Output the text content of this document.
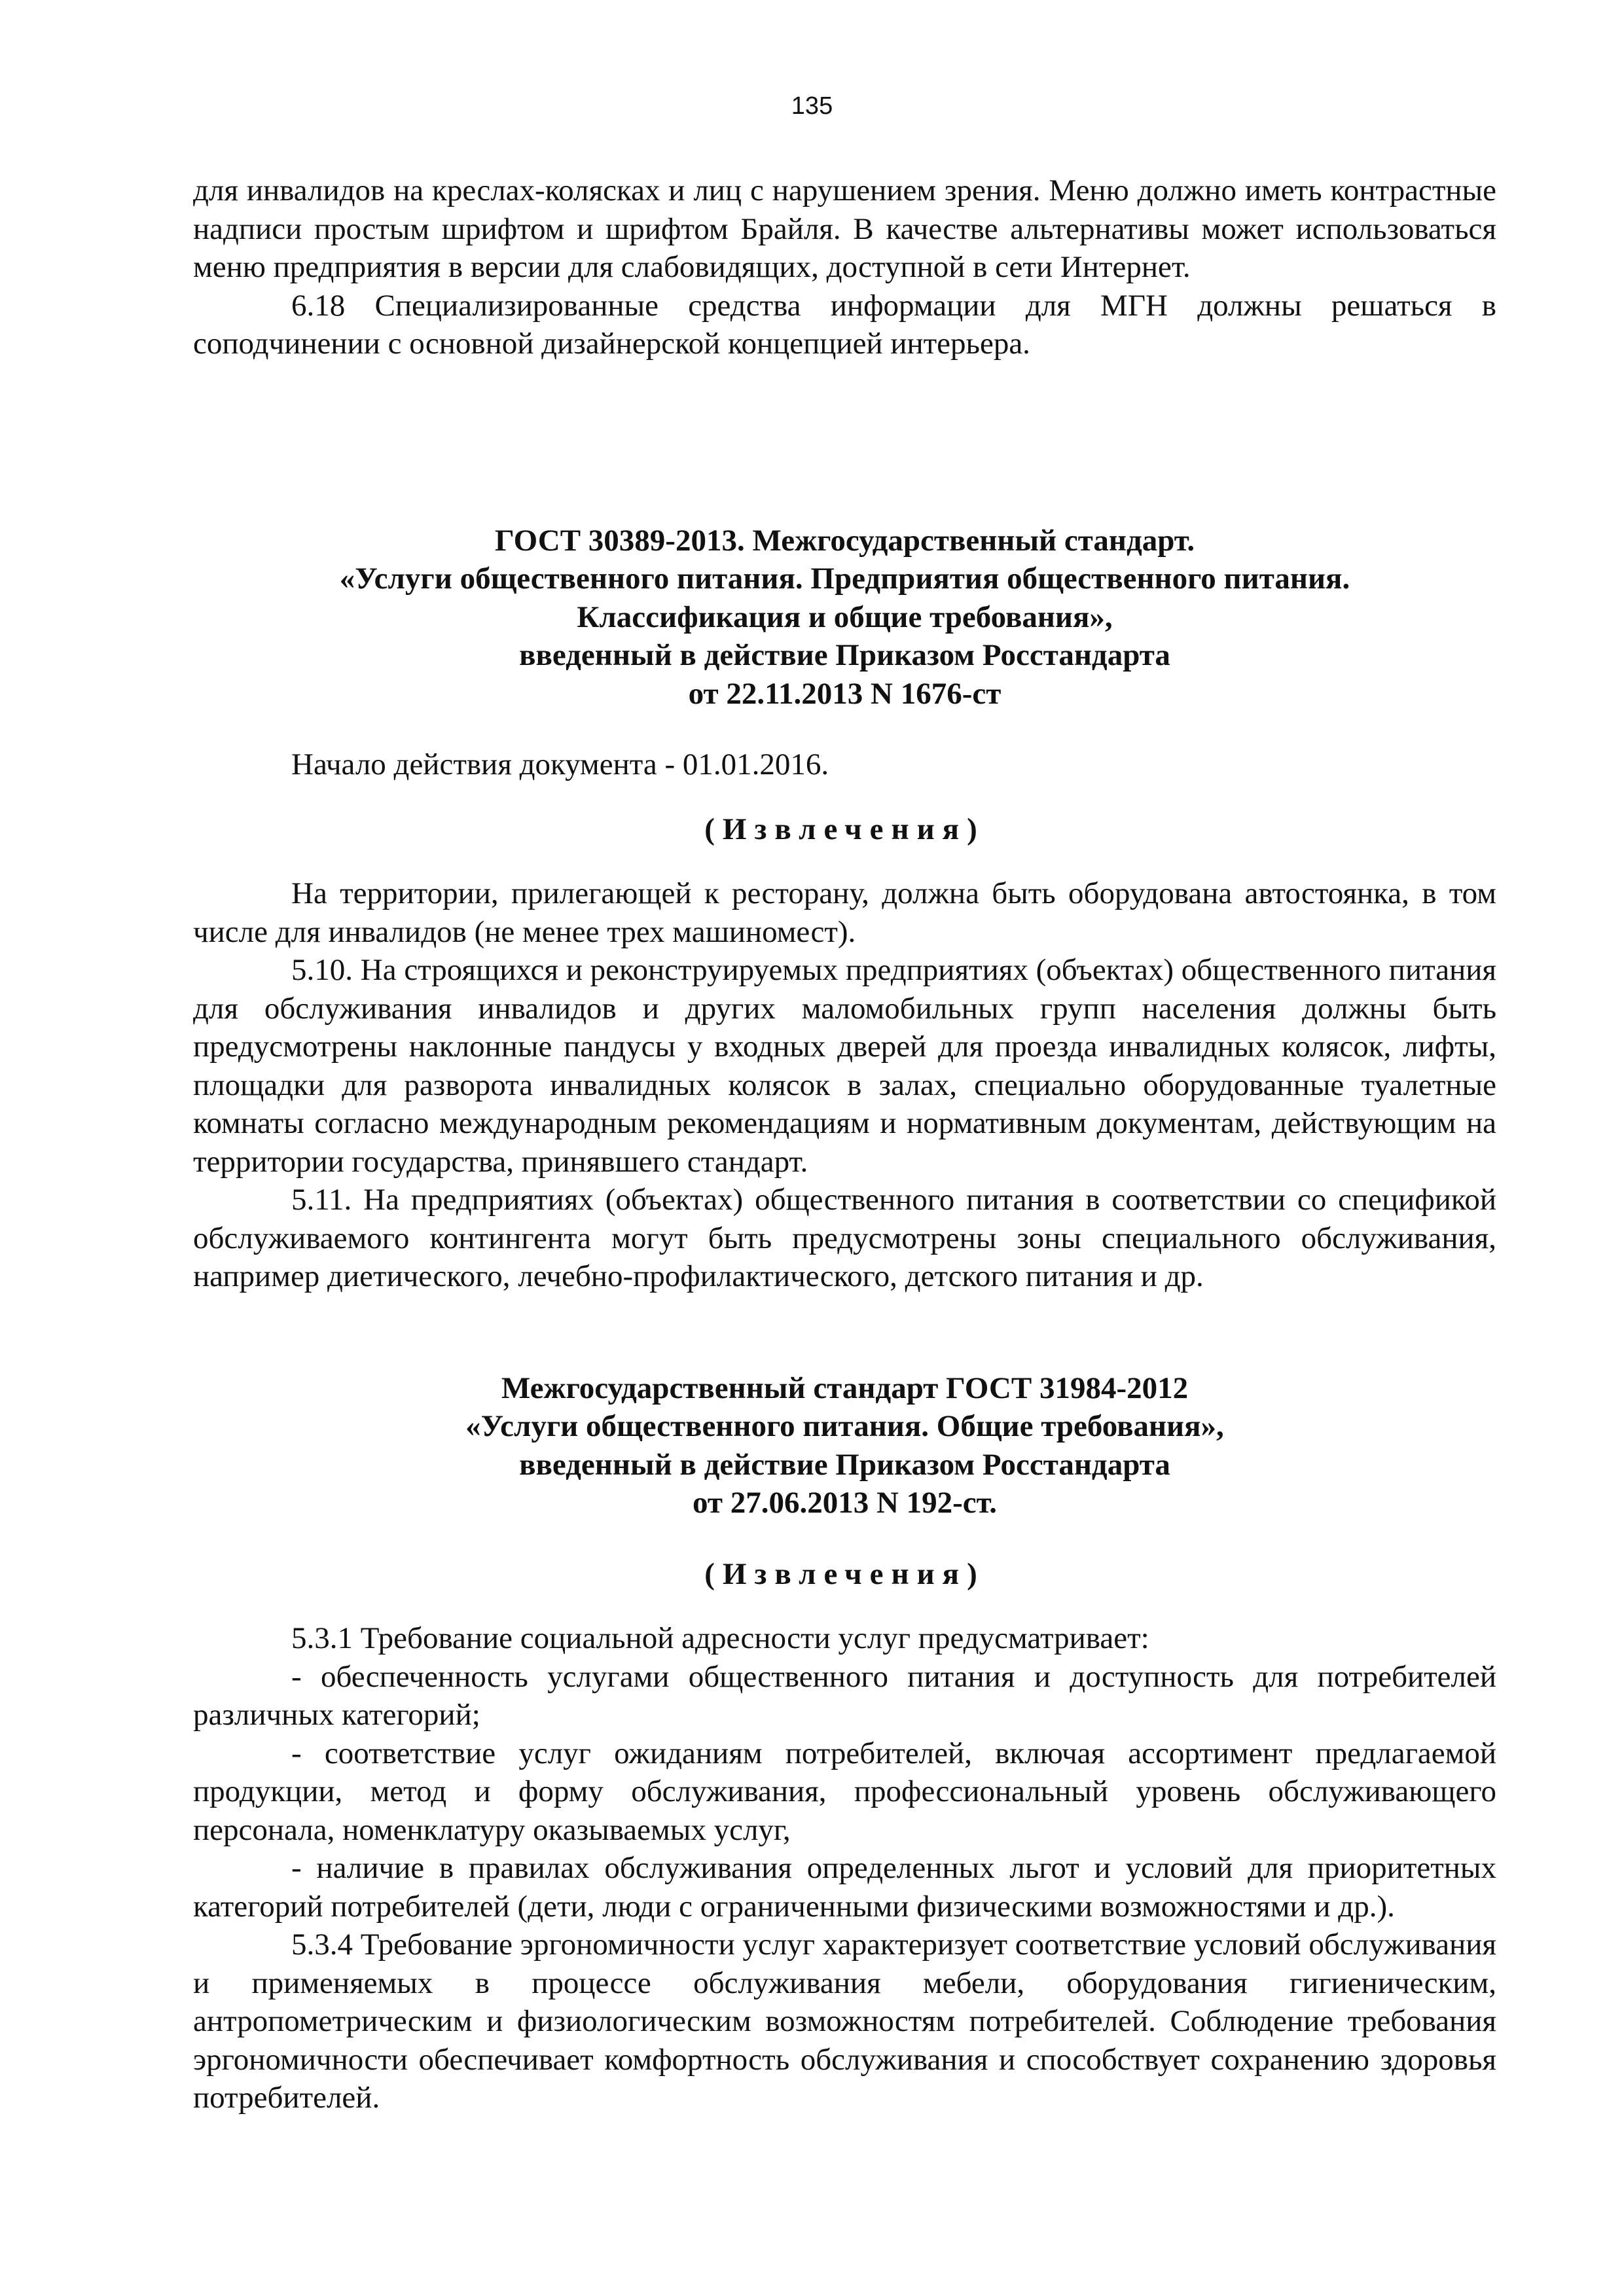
135

для инвалидов на креслах-колясках и лиц с нарушением зрения. Меню должно иметь контрастные надписи простым шрифтом и шрифтом Брайля. В качестве альтернативы может использоваться меню предприятия в версии для слабовидящих, доступной в сети Интернет.

6.18 Специализированные средства информации для МГН должны решаться в соподчинении с основной дизайнерской концепцией интерьера.

ГОСТ 30389-2013. Межгосударственный стандарт.
«Услуги общественного питания. Предприятия общественного питания.
Классификация и общие требования»,
введенный в действие Приказом Росстандарта
от 22.11.2013 N 1676-ст

Начало действия документа - 01.01.2016.

(Извлечения)

На территории, прилегающей к ресторану, должна быть оборудована автостоянка, в том числе для инвалидов (не менее трех машиномест).

5.10. На строящихся и реконструируемых предприятиях (объектах) общественного питания для обслуживания инвалидов и других маломобильных групп населения должны быть предусмотрены наклонные пандусы у входных дверей для проезда инвалидных колясок, лифты, площадки для разворота инвалидных колясок в залах, специально оборудованные туалетные комнаты согласно международным рекомендациям и нормативным документам, действующим на территории государства, принявшего стандарт.

5.11. На предприятиях (объектах) общественного питания в соответствии со спецификой обслуживаемого контингента могут быть предусмотрены зоны специального обслуживания, например диетического, лечебно-профилактического, детского питания и др.

Межгосударственный стандарт ГОСТ 31984-2012
«Услуги общественного питания. Общие требования»,
введенный в действие Приказом Росстандарта
от 27.06.2013 N 192-ст.
(Извлечения)

5.3.1 Требование социальной адресности услуг предусматривает:

- обеспеченность услугами общественного питания и доступность для потребителей различных категорий;

- соответствие услуг ожиданиям потребителей, включая ассортимент предлагаемой продукции, метод и форму обслуживания, профессиональный уровень обслуживающего персонала, номенклатуру оказываемых услуг,

- наличие в правилах обслуживания определенных льгот и условий для приоритетных категорий потребителей (дети, люди с ограниченными физическими возможностями и др.).

5.3.4 Требование эргономичности услуг характеризует соответствие условий обслуживания и применяемых в процессе обслуживания мебели, оборудования гигиеническим, антропометрическим и физиологическим возможностям потребителей. Соблюдение требования эргономичности обеспечивает комфортность обслуживания и способствует сохранению здоровья потребителей.
